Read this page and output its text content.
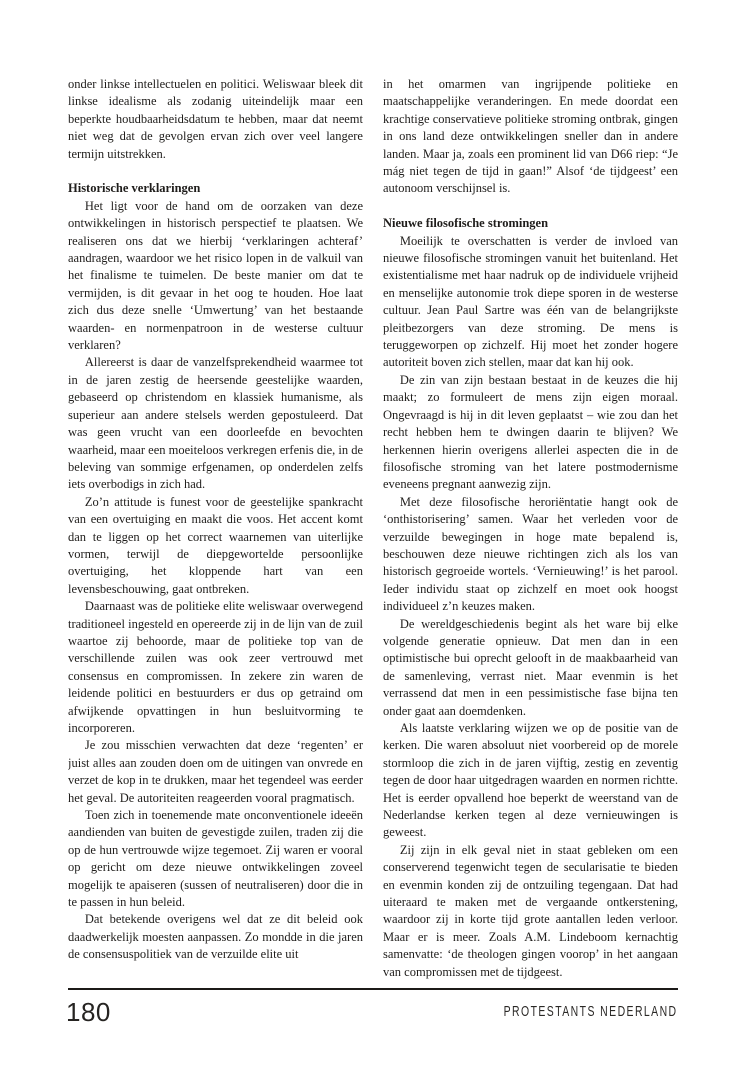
onder linkse intellectuelen en politici. Weliswaar bleek dit linkse idealisme als zodanig uiteindelijk maar een beperkte houdbaarheidsdatum te hebben, maar dat neemt niet weg dat de gevolgen ervan zich over veel langere termijn uitstrekken.

Historische verklaringen

Het ligt voor de hand om de oorzaken van deze ontwikkelingen in historisch perspectief te plaatsen. We realiseren ons dat we hierbij ‘verklaringen achteraf’ aandragen, waardoor we het risico lopen in de valkuil van het finalisme te tuimelen. De beste manier om dat te vermijden, is dit gevaar in het oog te houden. Hoe laat zich dus deze snelle ‘Umwertung’ van het bestaande waarden- en normenpatroon in de westerse cultuur verklaren?

Allereerst is daar de vanzelfsprekendheid waarmee tot in de jaren zestig de heersende geestelijke waarden, gebaseerd op christendom en klassiek humanisme, als superieur aan andere stelsels werden gepostuleerd. Dat was geen vrucht van een doorleefde en bevochten waarheid, maar een moeiteloos verkregen erfenis die, in de beleving van sommige erfgenamen, op onderdelen zelfs iets overbodigs in zich had.

Zo’n attitude is funest voor de geestelijke spankracht van een overtuiging en maakt die voos. Het accent komt dan te liggen op het correct waarnemen van uiterlijke vormen, terwijl de diepgewortelde persoonlijke overtuiging, het kloppende hart van een levensbeschouwing, gaat ontbreken.

Daarnaast was de politieke elite weliswaar overwegend traditioneel ingesteld en opereerde zij in de lijn van de zuil waartoe zij behoorde, maar de politieke top van de verschillende zuilen was ook zeer vertrouwd met consensus en compromissen. In zekere zin waren de leidende politici en bestuurders er dus op getraind om afwijkende opvattingen in hun besluitvorming te incorporeren.

Je zou misschien verwachten dat deze ‘regenten’ er juist alles aan zouden doen om de uitingen van onvrede en verzet de kop in te drukken, maar het tegendeel was eerder het geval. De autoriteiten reageerden vooral pragmatisch.

Toen zich in toenemende mate onconventionele ideeën aandienden van buiten de gevestigde zuilen, traden zij die op de hun vertrouwde wijze tegemoet. Zij waren er vooral op gericht om deze nieuwe ontwikkelingen zoveel mogelijk te apaiseren (sussen of neutraliseren) door die in te passen in hun beleid.

Dat betekende overigens wel dat ze dit beleid ook daadwerkelijk moesten aanpassen. Zo mondde in die jaren de consensuspolitiek van de verzuilde elite uit

in het omarmen van ingrijpende politieke en maatschappelijke veranderingen. En mede doordat een krachtige conservatieve politieke stroming ontbrak, gingen in ons land deze ontwikkelingen sneller dan in andere landen. Maar ja, zoals een prominent lid van D66 riep: “Je mág niet tegen de tijd in gaan!” Alsof ‘de tijdgeest’ een autonoom verschijnsel is.

Nieuwe filosofische stromingen

Moeilijk te overschatten is verder de invloed van nieuwe filosofische stromingen vanuit het buitenland. Het existentialisme met haar nadruk op de individuele vrijheid en menselijke autonomie trok diepe sporen in de westerse cultuur. Jean Paul Sartre was één van de belangrijkste pleitbezorgers van deze stroming. De mens is teruggeworpen op zichzelf. Hij moet het zonder hogere autoriteit boven zich stellen, maar dat kan hij ook.

De zin van zijn bestaan bestaat in de keuzes die hij maakt; zo formuleert de mens zijn eigen moraal. Ongevraagd is hij in dit leven geplaatst – wie zou dan het recht hebben hem te dwingen daarin te blijven? We herkennen hierin overigens allerlei aspecten die in de filosofische stroming van het latere postmodernisme eveneens pregnant aanwezig zijn.

Met deze filosofische heroriëntatie hangt ook de ‘onthistorisering’ samen. Waar het verleden voor de verzuilde bewegingen in hoge mate bepalend is, beschouwen deze nieuwe richtingen zich als los van historisch gegroeide wortels. ‘Vernieuwing!’ is het parool. Ieder individu staat op zichzelf en moet ook hoogst individueel z’n keuzes maken.

De wereldgeschiedenis begint als het ware bij elke volgende generatie opnieuw. Dat men dan in een optimistische bui oprecht gelooft in de maakbaarheid van de samenleving, verrast niet. Maar evenmin is het verrassend dat men in een pessimistische fase bijna ten onder gaat aan doemdenken.

Als laatste verklaring wijzen we op de positie van de kerken. Die waren absoluut niet voorbereid op de morele stormloop die zich in de jaren vijftig, zestig en zeventig tegen de door haar uitgedragen waarden en normen richtte. Het is eerder opvallend hoe beperkt de weerstand van de Nederlandse kerken tegen al deze vernieuwingen is geweest.

Zij zijn in elk geval niet in staat gebleken om een conserverend tegenwicht tegen de secularisatie te bieden en evenmin konden zij de ontzuiling tegengaan. Dat had uiteraard te maken met de vergaande ontkerstening, waardoor zij in korte tijd grote aantallen leden verloor. Maar er is meer. Zoals A.M. Lindeboom kernachtig samenvatte: ‘de theologen gingen voorop’ in het aangaan van compromissen met de tijdgeest.

180	PROTESTANTS NEDERLAND
